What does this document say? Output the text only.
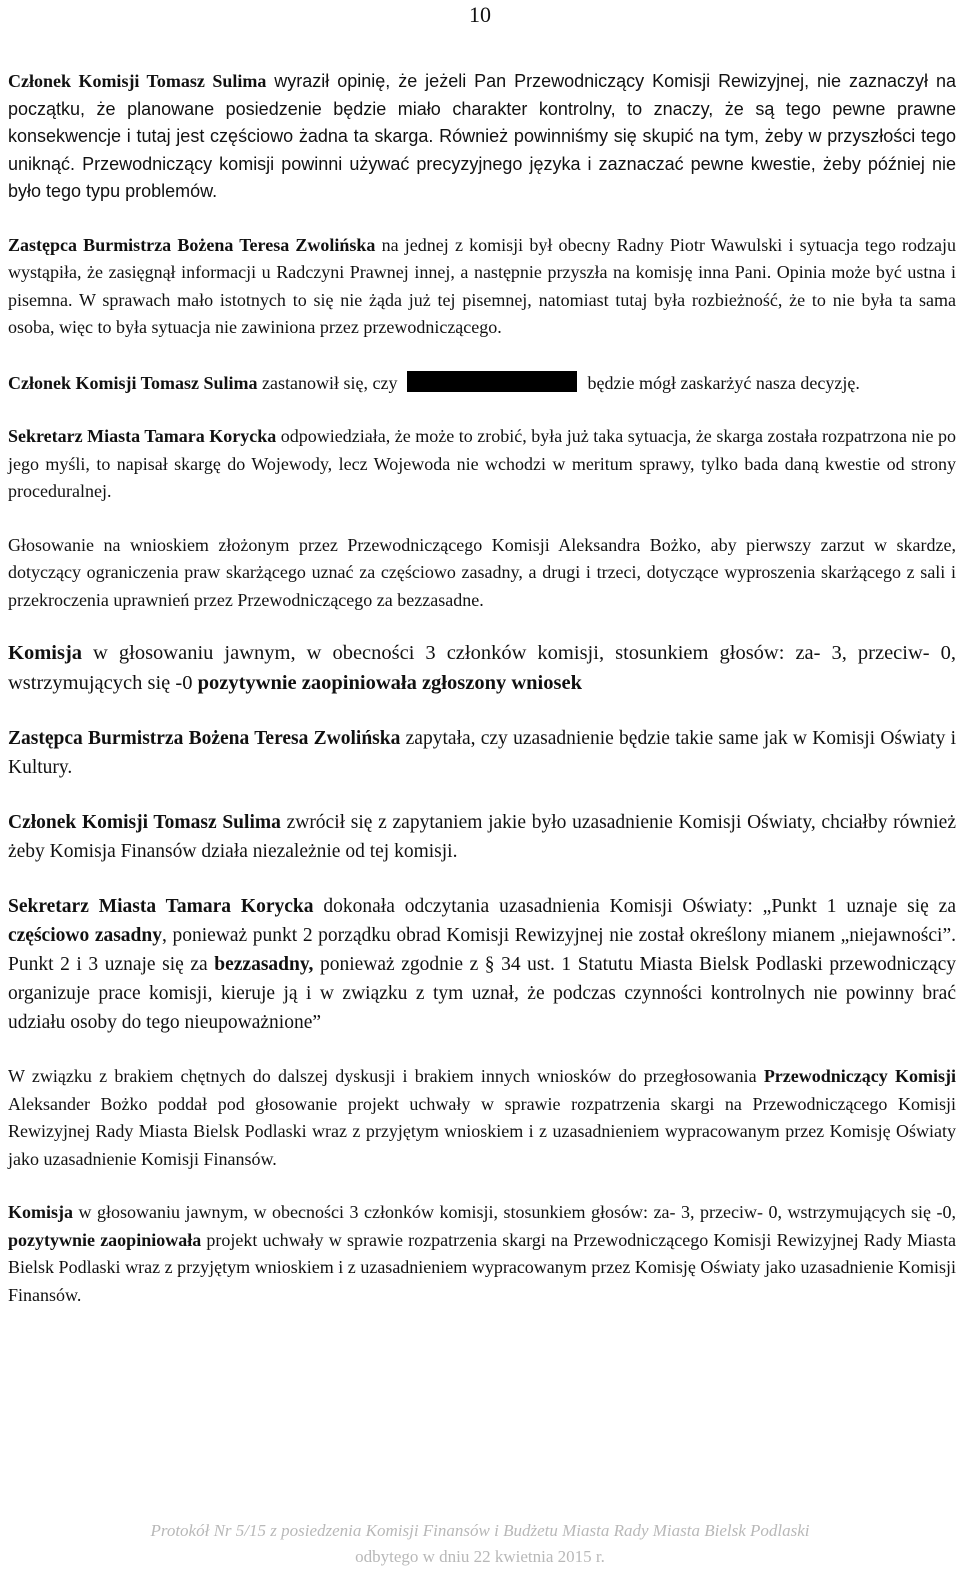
10

Członek Komisji Tomasz Sulima wyraził opinię, że jeżeli Pan Przewodniczący Komisji Rewizyjnej, nie zaznaczył na początku, że planowane posiedzenie będzie miało charakter kontrolny, to znaczy, że są tego pewne prawne konsekwencje i tutaj jest częściowo żadna ta skarga. Również powinniśmy się skupić na tym, żeby w przyszłości tego uniknąć. Przewodniczący komisji powinni używać precyzyjnego języka i zaznaczać pewne kwestie, żeby później nie było tego typu problemów.

Zastępca Burmistrza Bożena Teresa Zwolińska na jednej z komisji był obecny Radny Piotr Wawulski i sytuacja tego rodzaju wystąpiła, że zasięgnął informacji u Radczyni Prawnej innej, a następnie przyszła na komisję inna Pani. Opinia może być ustna i pisemna. W sprawach mało istotnych to się nie żąda już tej pisemnej, natomiast tutaj była rozbieżność, że to nie była ta sama osoba, więc to była sytuacja nie zawiniona przez przewodniczącego.

Członek Komisji Tomasz Sulima zastanowił się, czy	będzie mógł zaskarżyć nasza decyzję.

Sekretarz Miasta Tamara Korycka odpowiedziała, że może to zrobić, była już taka sytuacja, że skarga została rozpatrzona nie po jego myśli, to napisał skargę do Wojewody, lecz Wojewoda nie wchodzi w meritum sprawy, tylko bada daną kwestie od strony proceduralnej.

Głosowanie na wnioskiem złożonym przez Przewodniczącego Komisji Aleksandra Bożko, aby pierwszy zarzut w skardze, dotyczący ograniczenia praw skarżącego uznać za częściowo zasadny, a drugi i trzeci, dotyczące wyproszenia skarżącego z sali i przekroczenia uprawnień przez Przewodniczącego za bezzasadne.

Komisja w głosowaniu jawnym, w obecności 3 członków komisji, stosunkiem głosów: za- 3, przeciw- 0, wstrzymujących się -0 pozytywnie zaopiniowała zgłoszony wniosek

Zastępca Burmistrza Bożena Teresa Zwolińska zapytała, czy uzasadnienie będzie takie same jak w Komisji Oświaty i Kultury.

Członek Komisji Tomasz Sulima zwrócił się z zapytaniem jakie było uzasadnienie Komisji Oświaty, chciałby również żeby Komisja Finansów działa niezależnie od tej komisji.

Sekretarz Miasta Tamara Korycka dokonała odczytania uzasadnienia Komisji Oświaty: „Punkt 1 uznaje się za częściowo zasadny, ponieważ punkt 2 porządku obrad Komisji Rewizyjnej nie został określony mianem „niejawności”. Punkt 2 i 3 uznaje się za bezzasadny, ponieważ zgodnie z § 34 ust. 1 Statutu Miasta Bielsk Podlaski przewodniczący organizuje prace komisji, kieruje ją i w związku z tym uznał, że podczas czynności kontrolnych nie powinny brać udziału osoby do tego nieupoważnione”

W związku z brakiem chętnych do dalszej dyskusji i brakiem innych wniosków do przegłosowania Przewodniczący Komisji Aleksander Bożko poddał pod głosowanie projekt uchwały w sprawie rozpatrzenia skargi na Przewodniczącego Komisji Rewizyjnej Rady Miasta Bielsk Podlaski wraz z przyjętym wnioskiem i z uzasadnieniem wypracowanym przez Komisję Oświaty jako uzasadnienie Komisji Finansów.

Komisja w głosowaniu jawnym, w obecności 3 członków komisji, stosunkiem głosów: za- 3, przeciw- 0, wstrzymujących się -0, pozytywnie zaopiniowała projekt uchwały w sprawie rozpatrzenia skargi na Przewodniczącego Komisji Rewizyjnej Rady Miasta Bielsk Podlaski wraz z przyjętym wnioskiem i z uzasadnieniem wypracowanym przez Komisję Oświaty jako uzasadnienie Komisji Finansów.

Protokół Nr 5/15 z posiedzenia Komisji Finansów i Budżetu Miasta Rady Miasta Bielsk Podlaski
odbytego w dniu 22 kwietnia 2015 r.
